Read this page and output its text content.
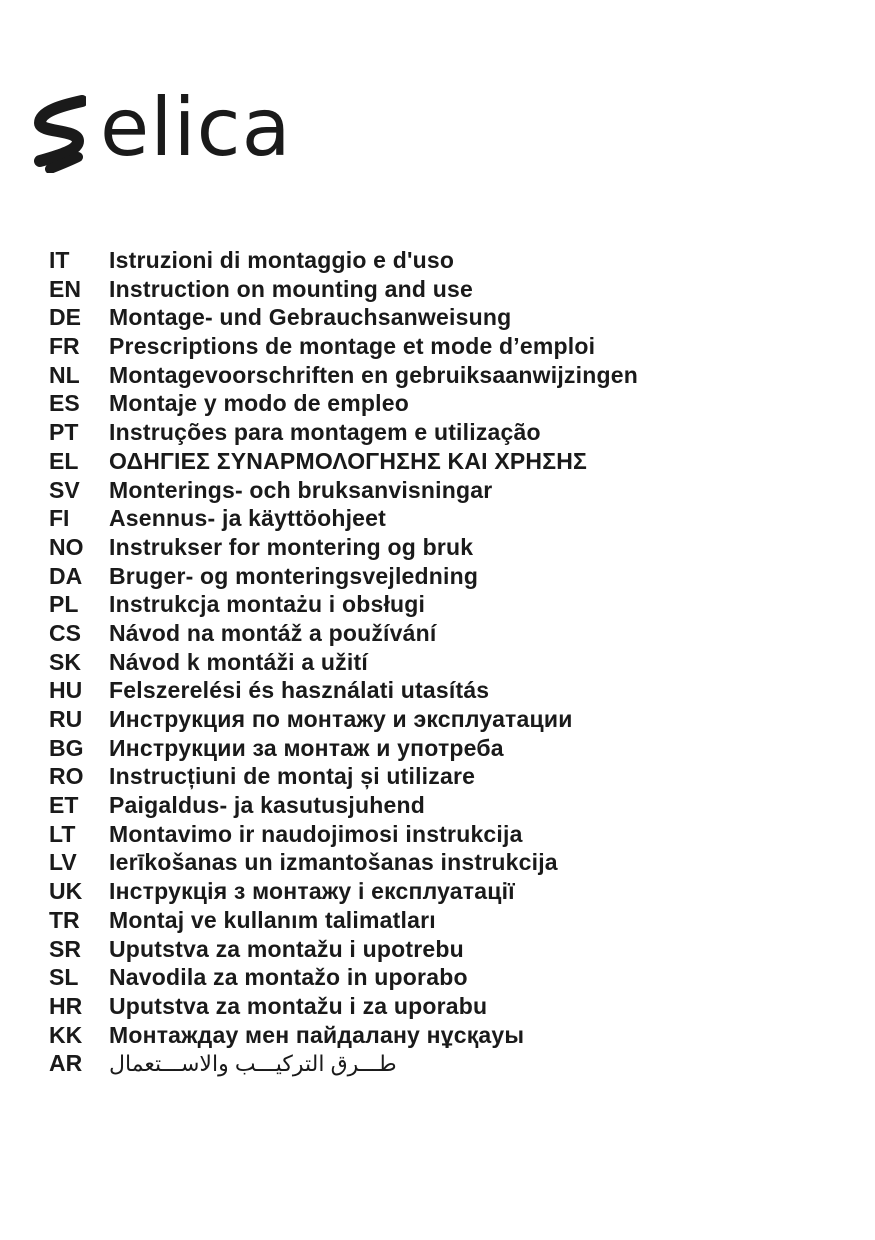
elica
IT	Istruzioni di montaggio e d'uso
EN	Instruction on mounting and use
DE	Montage- und Gebrauchsanweisung
FR	Prescriptions de montage et mode d’emploi
NL	Montagevoorschriften en gebruiksaanwijzingen
ES	Montaje y modo de empleo
PT	Instruções para montagem e utilização
EL	ΟΔΗΓΙΕΣ ΣΥΝΑΡΜΟΛΟΓΗΣΗΣ ΚΑΙ ΧΡΗΣΗΣ
SV	Monterings- och bruksanvisningar
FI	Asennus- ja käyttöohjeet
NO	Instrukser for montering og bruk
DA	Bruger- og monteringsvejledning
PL	Instrukcja montażu i obsługi
CS	Návod na montáž a používání
SK	Návod k montáži a užití
HU	Felszerelési és használati utasítás
RU	Инструкция по монтажу и эксплуатации
BG	Инструкции за монтаж и употреба
RO	Instrucțiuni de montaj și utilizare
ET	Paigaldus- ja kasutusjuhend
LT	Montavimo ir naudojimosi instrukcija
LV	Ierīkošanas un izmantošanas instrukcija
UK	Інструкція з монтажу і експлуатації
TR	Montaj ve kullanım talimatları
SR	Uputstva za montažu i upotrebu
SL	Navodila za montažo in uporabo
HR	Uputstva za montažu i za uporabu
KK	Монтаждау мен пайдалану нұсқауы
AR	طـــرق التركيـــب والاســـتعمال
